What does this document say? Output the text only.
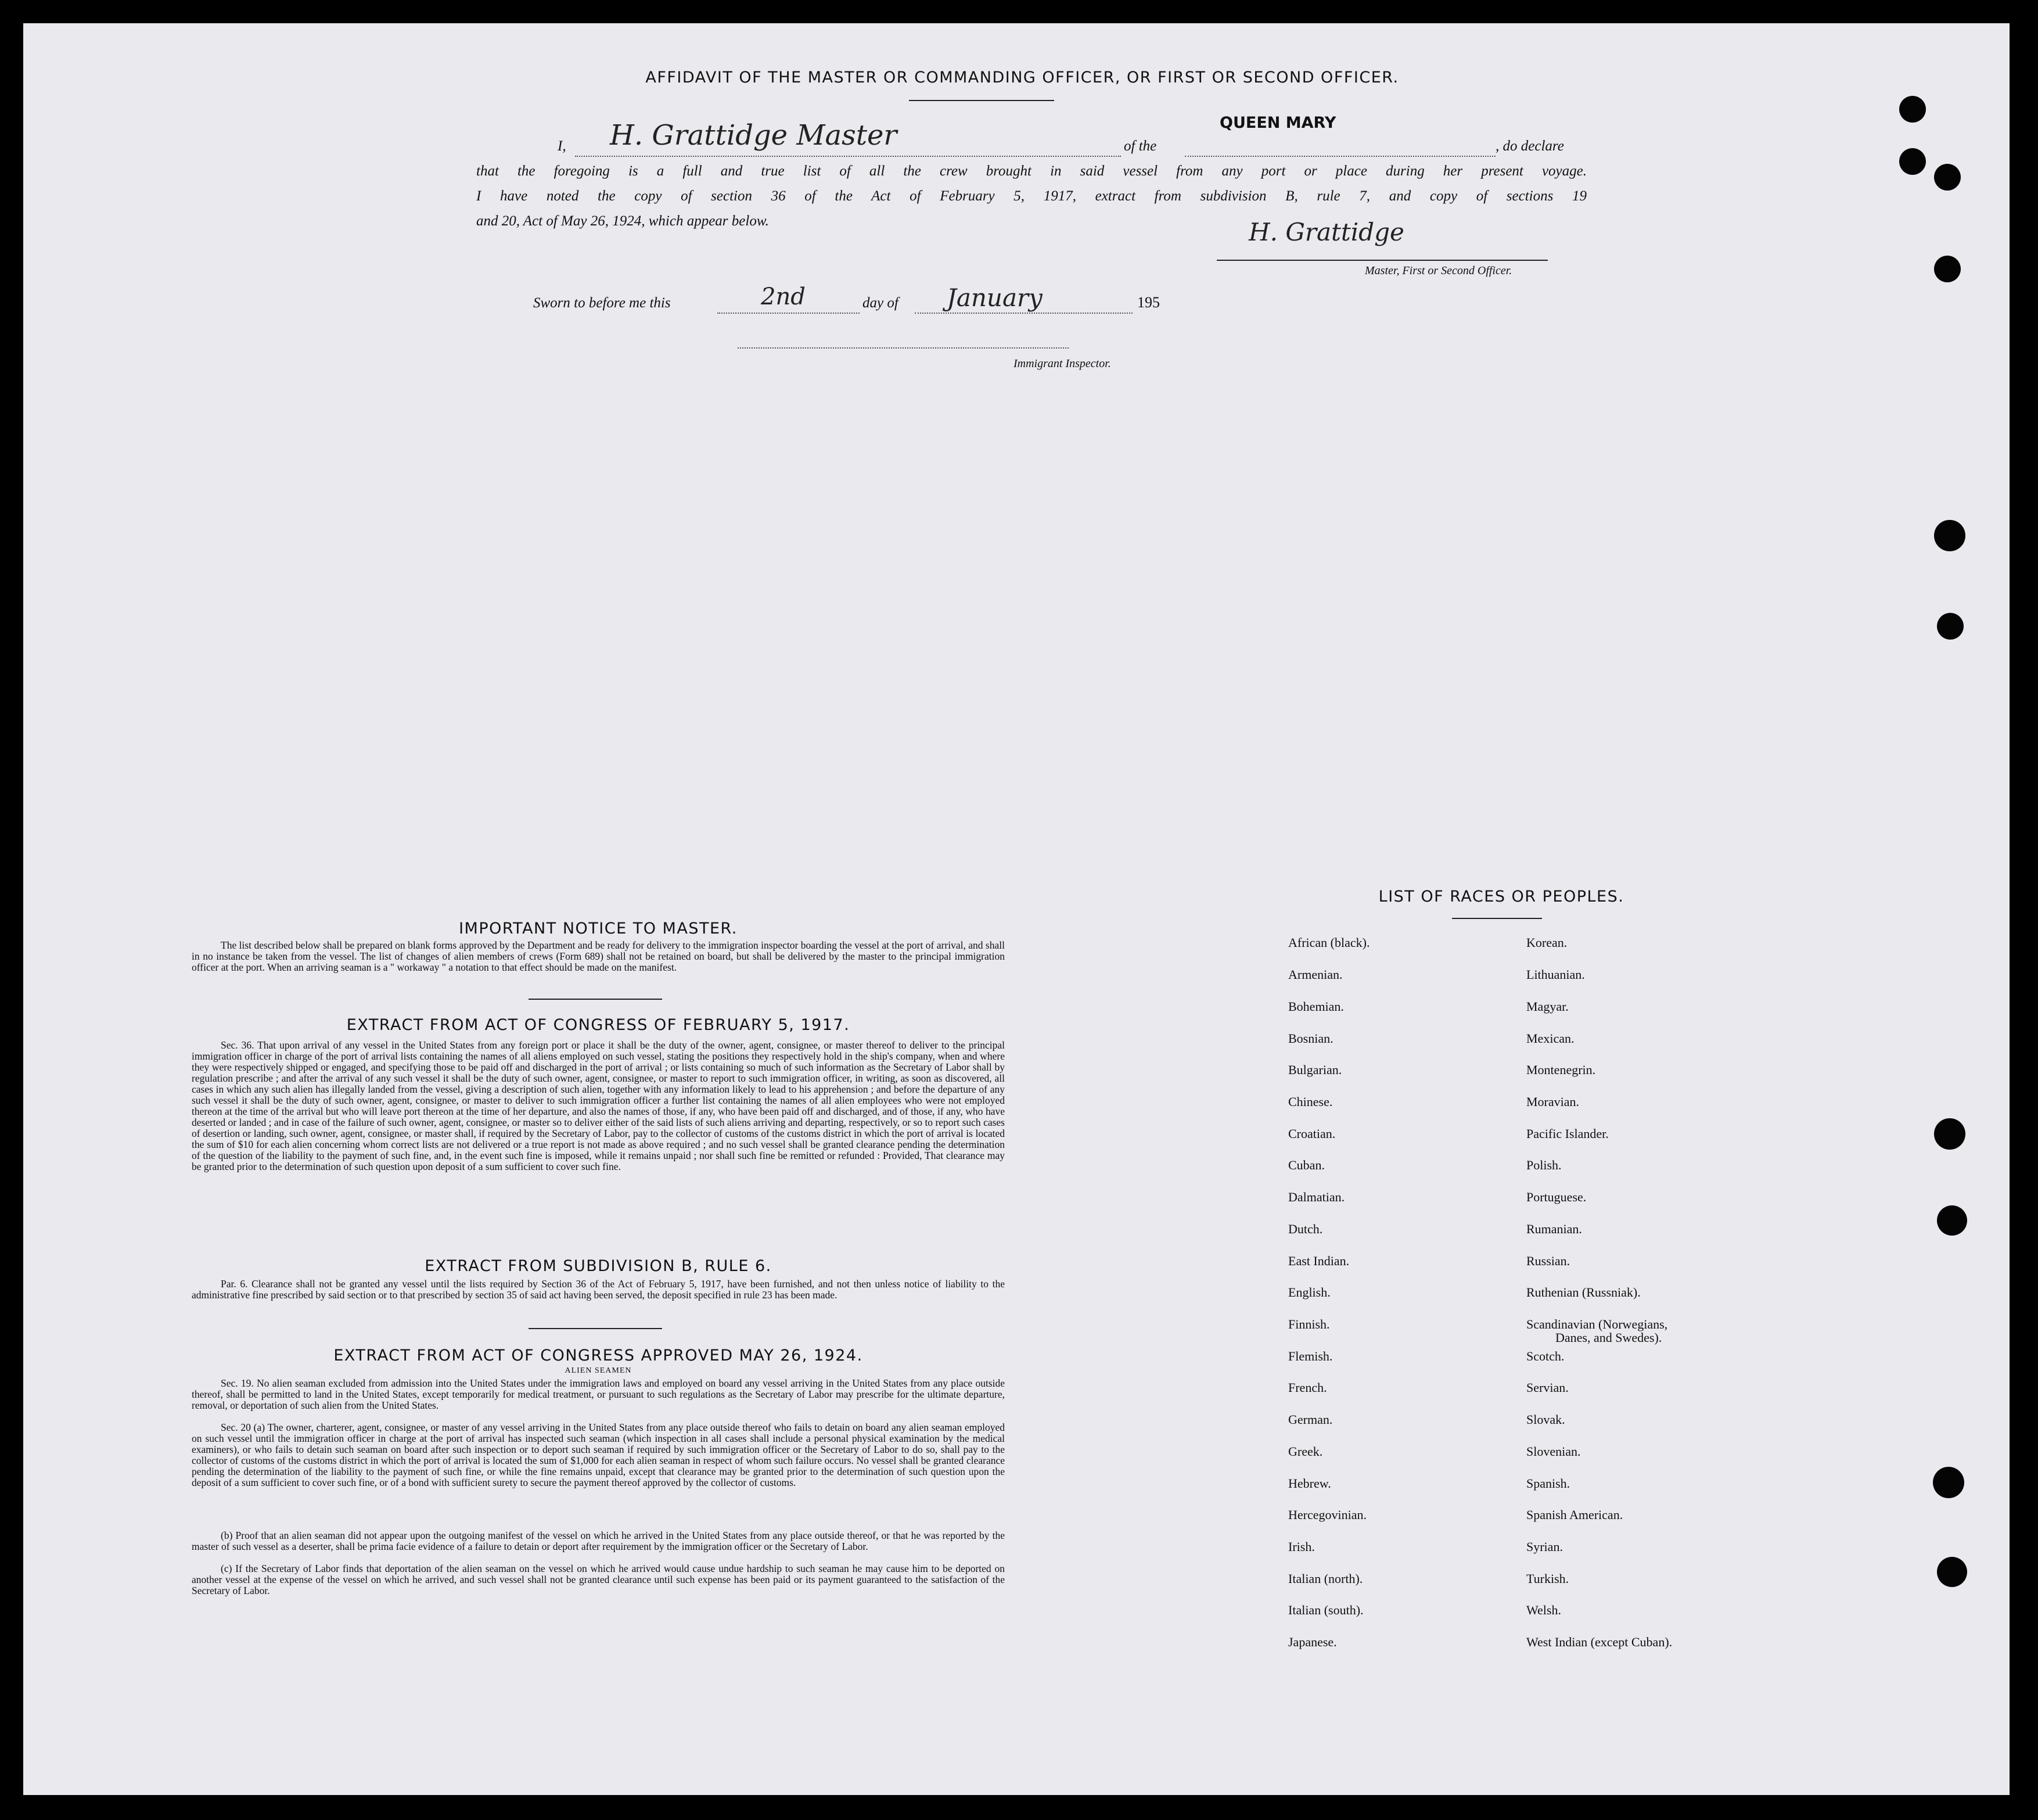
AFFIDAVIT OF THE MASTER OR COMMANDING OFFICER, OR FIRST OR SECOND OFFICER.
I, H. Grattidge Master	of the
QUEEN MARY
, do declare
that the foregoing is a full and true list of all the crew brought in said vessel from any port or place during her present voyage.
I have noted the copy of section 36 of the Act of February 5, 1917, extract from subdivision B, rule 7, and copy of sections 19
and 20, Act of May 26, 1924, which appear below.	H. Grattidge
Master, First or Second Officer.
Sworn to before me this	2nd	day of January	195
Immigrant Inspector.
IMPORTANT NOTICE TO MASTER.
The list described below shall be prepared on blank forms approved by the Department and be ready for delivery to the immigration inspector boarding the vessel at the port of arrival, and shall in no instance be taken from the vessel. The list of changes of alien members of crews (Form 689) shall not be retained on board, but shall be delivered by the master to the principal immigration officer at the port. When an arriving seaman is a " workaway " a notation to that effect should be made on the manifest.
EXTRACT FROM ACT OF CONGRESS OF FEBRUARY 5, 1917.
Sec. 36. That upon arrival of any vessel in the United States from any foreign port or place it shall be the duty of the owner, agent, consignee, or master thereof to deliver to the principal immigration officer in charge of the port of arrival lists containing the names of all aliens employed on such vessel, stating the positions they respectively hold in the ship's company, when and where they were respectively shipped or engaged, and specifying those to be paid off and discharged in the port of arrival ; or lists containing so much of such information as the Secretary of Labor shall by regulation prescribe ; and after the arrival of any such vessel it shall be the duty of such owner, agent, consignee, or master to report to such immigration officer, in writing, as soon as discovered, all cases in which any such alien has illegally landed from the vessel, giving a description of such alien, together with any information likely to lead to his apprehension ; and before the departure of any such vessel it shall be the duty of such owner, agent, consignee, or master to deliver to such immigration officer a further list containing the names of all alien employees who were not employed thereon at the time of the arrival but who will leave port thereon at the time of her departure, and also the names of those, if any, who have been paid off and discharged, and of those, if any, who have deserted or landed ; and in case of the failure of such owner, agent, consignee, or master so to deliver either of the said lists of such aliens arriving and departing, respectively, or so to report such cases of desertion or landing, such owner, agent, consignee, or master shall, if required by the Secretary of Labor, pay to the collector of customs of the customs district in which the port of arrival is located the sum of $10 for each alien concerning whom correct lists are not delivered or a true report is not made as above required ; and no such vessel shall be granted clearance pending the determination of the question of the liability to the payment of such fine, and, in the event such fine is imposed, while it remains unpaid ; nor shall such fine be remitted or refunded : Provided, That clearance may be granted prior to the determination of such question upon deposit of a sum sufficient to cover such fine.
EXTRACT FROM SUBDIVISION B, RULE 6.
Par. 6. Clearance shall not be granted any vessel until the lists required by Section 36 of the Act of February 5, 1917, have been furnished, and not then unless notice of liability to the administrative fine prescribed by said section or to that prescribed by section 35 of said act having been served, the deposit specified in rule 23 has been made.
EXTRACT FROM ACT OF CONGRESS APPROVED MAY 26, 1924.
ALIEN SEAMEN
Sec. 19. No alien seaman excluded from admission into the United States under the immigration laws and employed on board any vessel arriving in the United States from any place outside thereof, shall be permitted to land in the United States, except temporarily for medical treatment, or pursuant to such regulations as the Secretary of Labor may prescribe for the ultimate departure, removal, or deportation of such alien from the United States.
Sec. 20 (a) The owner, charterer, agent, consignee, or master of any vessel arriving in the United States from any place outside thereof who fails to detain on board any alien seaman employed on such vessel until the immigration officer in charge at the port of arrival has inspected such seaman (which inspection in all cases shall include a personal physical examination by the medical examiners), or who fails to detain such seaman on board after such inspection or to deport such seaman if required by such immigration officer or the Secretary of Labor to do so, shall pay to the collector of customs of the customs district in which the port of arrival is located the sum of $1,000 for each alien seaman in respect of whom such failure occurs. No vessel shall be granted clearance pending the determination of the liability to the payment of such fine, or while the fine remains unpaid, except that clearance may be granted prior to the determination of such question upon the deposit of a sum sufficient to cover such fine, or of a bond with sufficient surety to secure the payment thereof approved by the collector of customs.
(b) Proof that an alien seaman did not appear upon the outgoing manifest of the vessel on which he arrived in the United States from any place outside thereof, or that he was reported by the master of such vessel as a deserter, shall be prima facie evidence of a failure to detain or deport after requirement by the immigration officer or the Secretary of Labor.
(c) If the Secretary of Labor finds that deportation of the alien seaman on the vessel on which he arrived would cause undue hardship to such seaman he may cause him to be deported on another vessel at the expense of the vessel on which he arrived, and such vessel shall not be granted clearance until such expense has been paid or its payment guaranteed to the satisfaction of the Secretary of Labor.
LIST OF RACES OR PEOPLES.
African (black).
Armenian.
Bohemian.
Bosnian.
Bulgarian.
Chinese.
Croatian.
Cuban.
Dalmatian.
Dutch.
East Indian.
English.
Finnish.
Flemish.
French.
German.
Greek.
Hebrew.
Hercegovinian.
Irish.
Italian (north).
Italian (south).
Japanese.
Korean.
Lithuanian.
Magyar.
Mexican.
Montenegrin.
Moravian.
Pacific Islander.
Polish.
Portuguese.
Rumanian.
Russian.
Ruthenian (Russniak).
Scandinavian (Norwegians,
Danes, and Swedes).
Scotch.
Servian.
Slovak.
Slovenian.
Spanish.
Spanish American.
Syrian.
Turkish.
Welsh.
West Indian (except Cuban).
